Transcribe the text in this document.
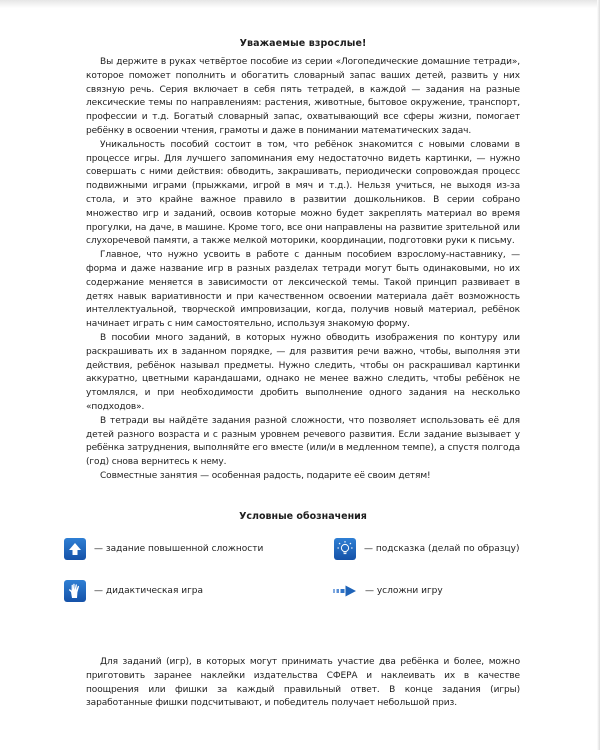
Уважаемые взрослые!

Вы держите в руках четвёртое пособие из серии «Логопедические домашние тетради», которое поможет пополнить и обогатить словарный запас ваших детей, развить у них связную речь. Серия включает в себя пять тетрадей, в каждой — задания на разные лексические темы по направлениям: растения, животные, бытовое окружение, транспорт, профессии и т.д. Богатый словарный запас, охватывающий все сферы жизни, помогает ребёнку в освоении чтения, грамоты и даже в понимании математических задач.

Уникальность пособий состоит в том, что ребёнок знакомится с новыми словами в процессе игры. Для лучшего запоминания ему недостаточно видеть картинки, — нужно совершать с ними действия: обводить, закрашивать, периодически сопровождая процесс подвижными играми (прыжками, игрой в мяч и т.д.). Нельзя учиться, не выходя из-за стола, и это крайне важное правило в развитии дошкольников. В серии собрано множество игр и заданий, освоив которые можно будет закреплять материал во время прогулки, на даче, в машине. Кроме того, все они направлены на развитие зрительной или слухоречевой памяти, а также мелкой моторики, координации, подготовки руки к письму.

Главное, что нужно усвоить в работе с данным пособием взрослому-наставнику, — форма и даже название игр в разных разделах тетради могут быть одинаковыми, но их содержание меняется в зависимости от лексической темы. Такой принцип развивает в детях навык вариативности и при качественном освоении материала даёт возможность интеллектуальной, творческой импровизации, когда, получив новый материал, ребёнок начинает играть с ним самостоятельно, используя знакомую форму.

В пособии много заданий, в которых нужно обводить изображения по контуру или раскрашивать их в заданном порядке, — для развития речи важно, чтобы, выполняя эти действия, ребёнок называл предметы. Нужно следить, чтобы он раскрашивал картинки аккуратно, цветными карандашами, однако не менее важно следить, чтобы ребёнок не утомлялся, и при необходимости дробить выполнение одного задания на несколько «подходов».

В тетради вы найдёте задания разной сложности, что позволяет использовать её для детей разного возраста и с разным уровнем речевого развития. Если задание вызывает у ребёнка затруднения, выполняйте его вместе (или/и в медленном темпе), а спустя полгода (год) снова вернитесь к нему.

Совместные занятия — особенная радость, подарите её своим детям!

Условные обозначения
— задание повышенной сложности	— подсказка (делай по образцу)
— дидактическая игра	— усложни игру

Для заданий (игр), в которых могут принимать участие два ребёнка и более, можно приготовить заранее наклейки издательства СФЕРА и наклеивать их в качестве поощрения или фишки за каждый правильный ответ. В конце задания (игры) заработанные фишки подсчитывают, и победитель получает небольшой приз.
